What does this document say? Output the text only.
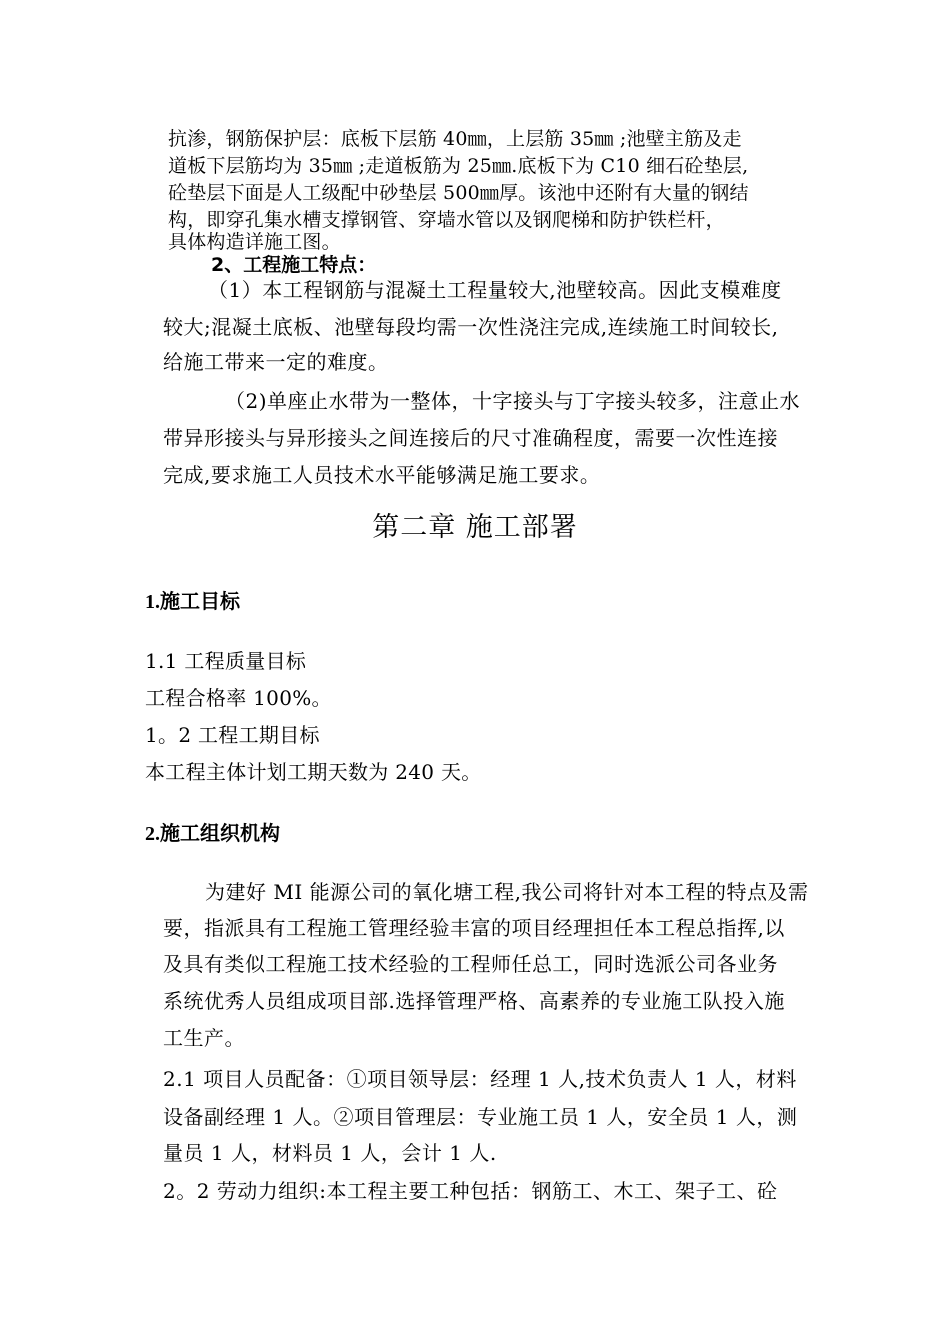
抗渗，钢筋保护层：底板下层筋 40㎜，上层筋 35㎜ ;池壁主筋及走
道板下层筋均为 35㎜ ;走道板筋为 25㎜.底板下为 C10 细石砼垫层,
砼垫层下面是人工级配中砂垫层 500㎜厚。该池中还附有大量的钢结
构，即穿孔集水槽支撑钢管、穿墙水管以及钢爬梯和防护铁栏杆，
具体构造详施工图。
2、工程施工特点：
（1）本工程钢筋与混凝土工程量较大,池壁较高。因此支模难度
较大;混凝土底板、池壁每段均需一次性浇注完成,连续施工时间较长,
给施工带来一定的难度。
（2)单座止水带为一整体，十字接头与丁字接头较多，注意止水
带异形接头与异形接头之间连接后的尺寸准确程度，需要一次性连接
完成,要求施工人员技术水平能够满足施工要求。
第二章 施工部署
1.施工目标
1.1 工程质量目标
工程合格率 100%。
1。2 工程工期目标
本工程主体计划工期天数为 240 天。
2.施工组织机构
为建好 MI 能源公司的氧化塘工程,我公司将针对本工程的特点及需
要，指派具有工程施工管理经验丰富的项目经理担任本工程总指挥,以
及具有类似工程施工技术经验的工程师任总工，同时选派公司各业务
系统优秀人员组成项目部.选择管理严格、高素养的专业施工队投入施
工生产。
2.1 项目人员配备：①项目领导层：经理 1 人,技术负责人 1 人，材料
设备副经理 1 人。②项目管理层：专业施工员 1 人，安全员 1 人，测
量员 1 人，材料员 1 人，会计 1 人.
2。2 劳动力组织:本工程主要工种包括：钢筋工、木工、架子工、砼
